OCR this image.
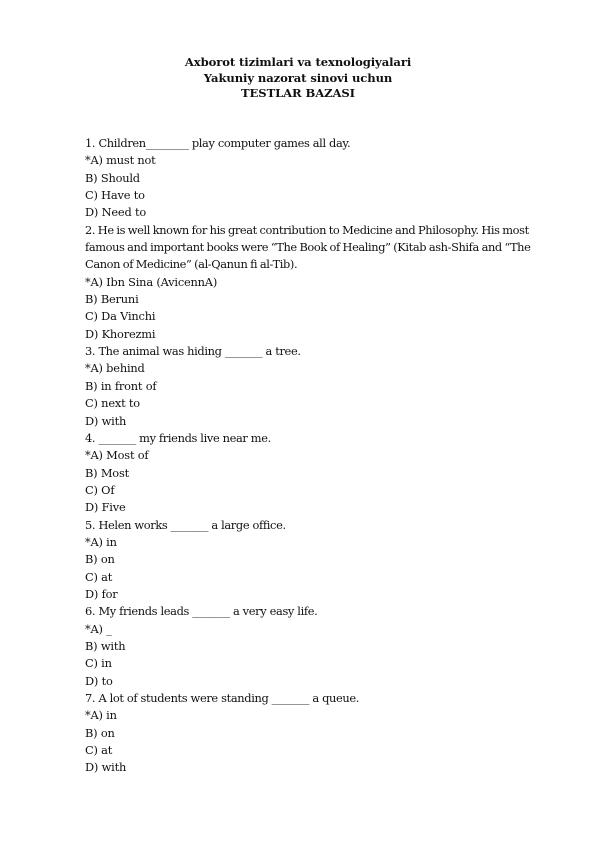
Axborot tizimlari va texnologiyalari
Yakuniy nazorat sinovi uchun
TESTLAR BAZASI
1. Children________ play computer games all day.
*A) must not
B) Should
C) Have to
D) Need to
2. He is well known for his great contribution to Medicine and Philosophy. His most famous and important books were “The Book of Healing” (Kitab ash-Shifa and “The Canon of Medicine” (al-Qanun fi al-Tib).
*A) Ibn Sina (AvicennA)
B) Beruni
C) Da Vinchi
D) Khorezmi
3. The animal was hiding _______ a tree.
*A) behind
B) in front of
C) next to
D) with
4. _______ my friends live near me.
*A) Most of
B) Most
C) Of
D) Five
5. Helen works _______ a large office.
*A) in
B) on
C) at
D) for
6. My friends leads _______ a very easy life.
*A) _
B) with
C) in
D) to
7. A lot of students were standing _______ a queue.
*A) in
B) on
C) at
D) with
